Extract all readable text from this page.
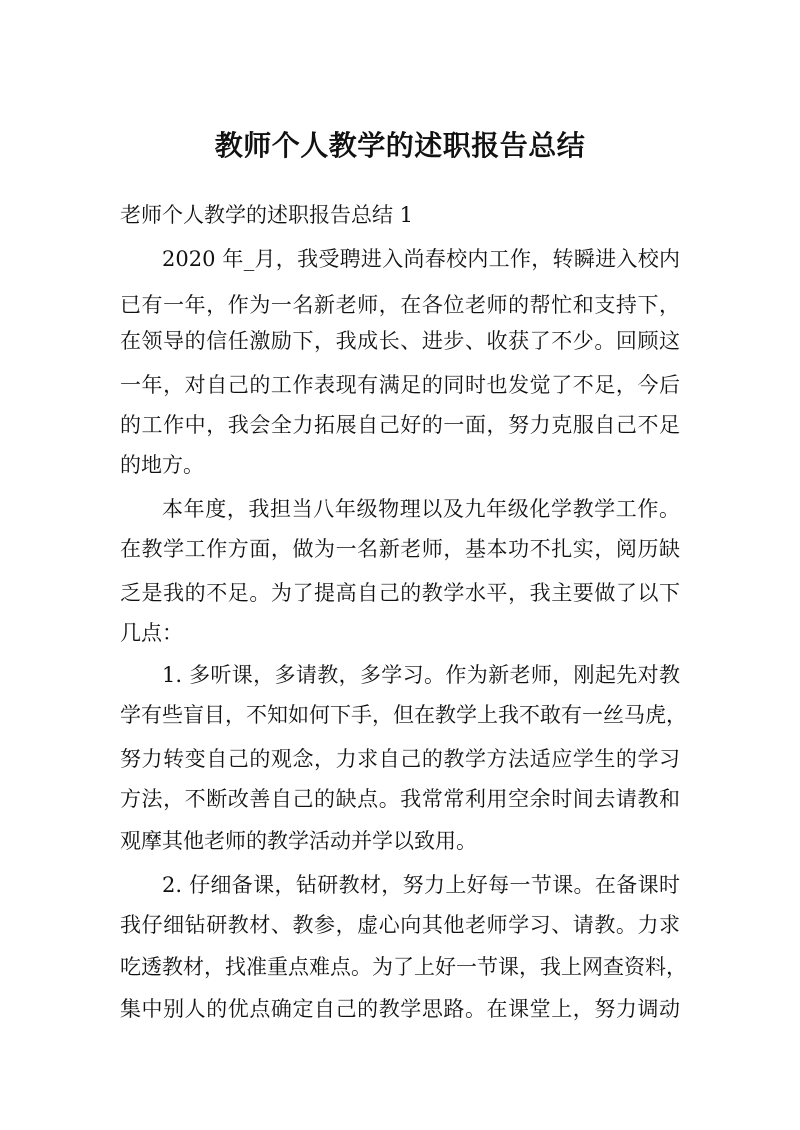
教师个人教学的述职报告总结
老师个人教学的述职报告总结 1
2020 年_月，我受聘进入尚春校内工作，转瞬进入校内
已有一年，作为一名新老师，在各位老师的帮忙和支持下，
在领导的信任激励下，我成长、进步、收获了不少。回顾这
一年，对自己的工作表现有满足的同时也发觉了不足，今后
的工作中，我会全力拓展自己好的一面，努力克服自己不足
的地方。
本年度，我担当八年级物理以及九年级化学教学工作。
在教学工作方面，做为一名新老师，基本功不扎实，阅历缺
乏是我的不足。为了提高自己的教学水平，我主要做了以下
几点：
1. 多听课，多请教，多学习。作为新老师，刚起先对教
学有些盲目，不知如何下手，但在教学上我不敢有一丝马虎，
努力转变自己的观念，力求自己的教学方法适应学生的学习
方法，不断改善自己的缺点。我常常利用空余时间去请教和
观摩其他老师的教学活动并学以致用。
2. 仔细备课，钻研教材，努力上好每一节课。在备课时
我仔细钻研教材、教参，虚心向其他老师学习、请教。力求
吃透教材，找准重点难点。为了上好一节课，我上网查资料，
集中别人的优点确定自己的教学思路。在课堂上，努力调动
